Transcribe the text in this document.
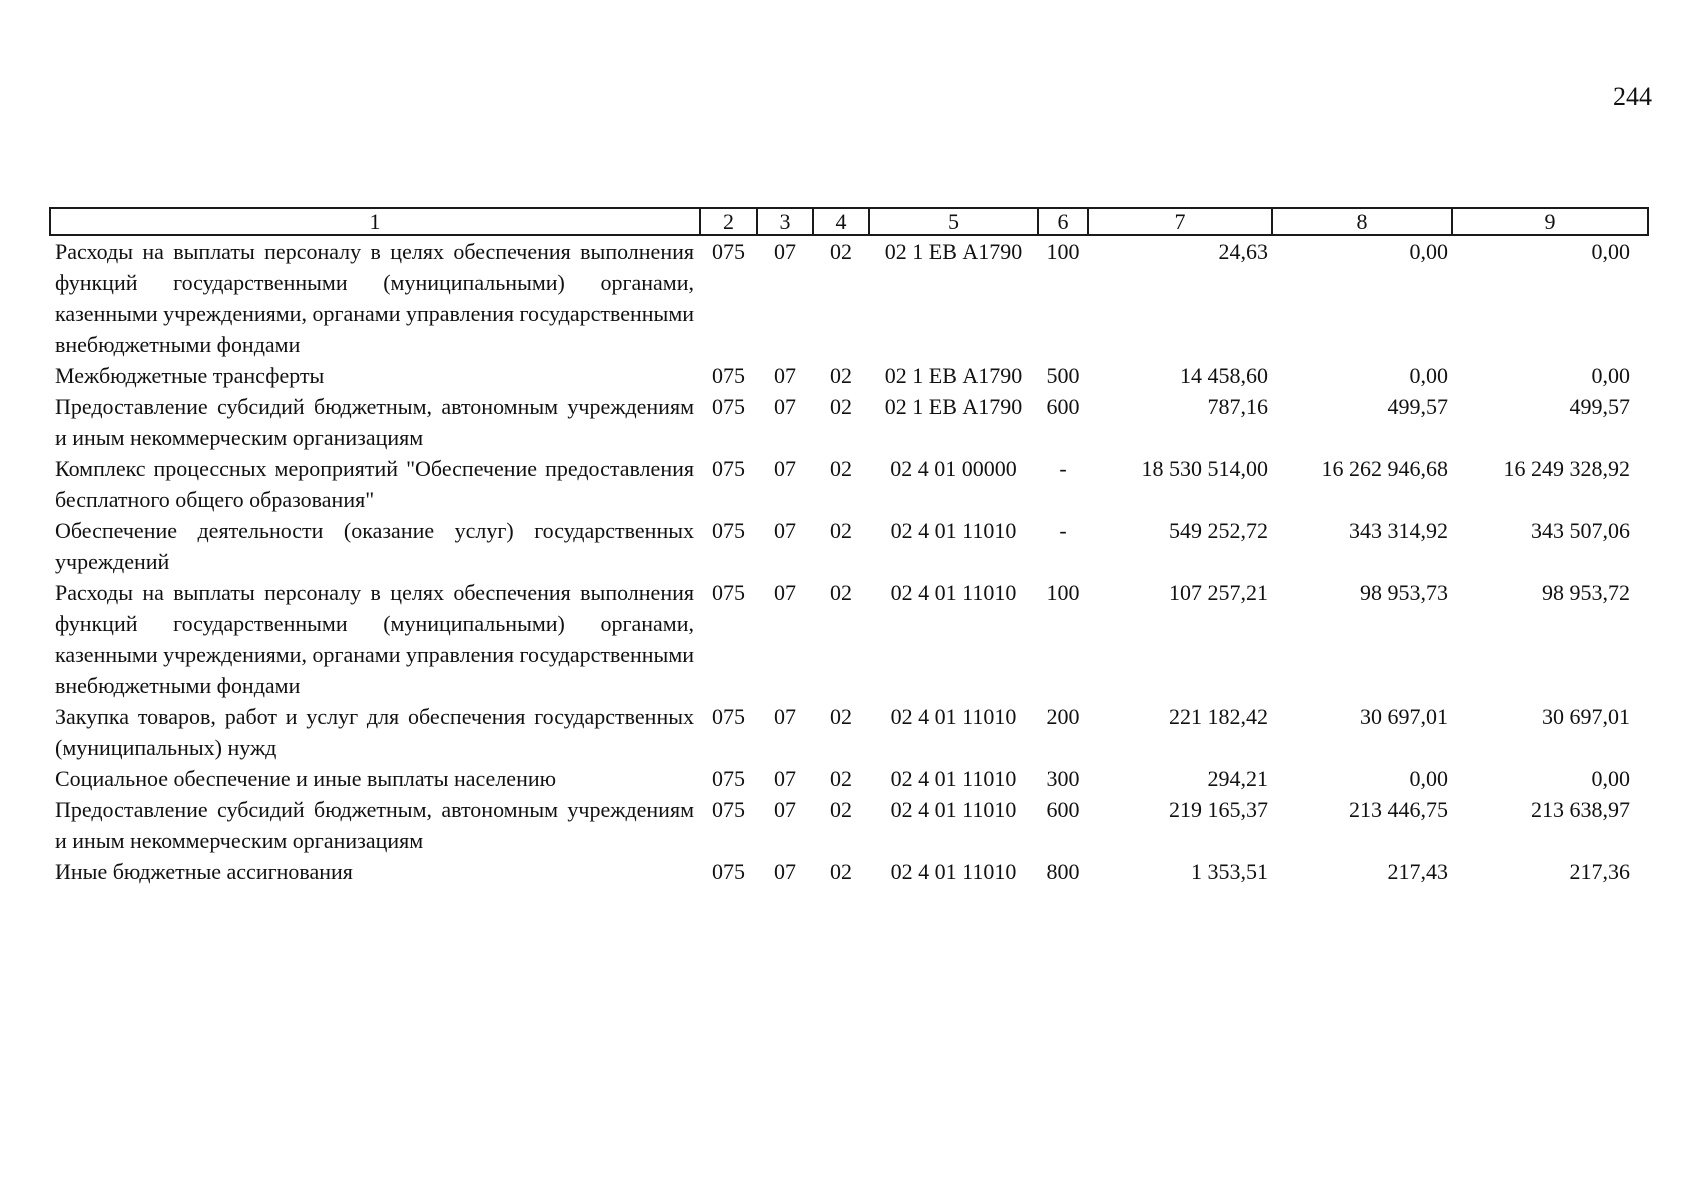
244
1	2	3	4	5	6	7	8	9
Расходы на выплаты персоналу в целях обеспечения выполнения функций государственными (муниципальными) органами, казенными учреждениями, органами управления государственными внебюджетными фондами	075	07	02	02 1 ЕВ А1790	100	24,63	0,00	0,00
Межбюджетные трансферты	075	07	02	02 1 ЕВ А1790	500	14 458,60	0,00	0,00
Предоставление субсидий бюджетным, автономным учреждениям и иным некоммерческим организациям	075	07	02	02 1 ЕВ А1790	600	787,16	499,57	499,57
Комплекс процессных мероприятий "Обеспечение предоставления бесплатного общего образования"	075	07	02	02 4 01 00000	-	18 530 514,00	16 262 946,68	16 249 328,92
Обеспечение деятельности (оказание услуг) государственных учреждений	075	07	02	02 4 01 11010	-	549 252,72	343 314,92	343 507,06
Расходы на выплаты персоналу в целях обеспечения выполнения функций государственными (муниципальными) органами, казенными учреждениями, органами управления государственными внебюджетными фондами	075	07	02	02 4 01 11010	100	107 257,21	98 953,73	98 953,72
Закупка товаров, работ и услуг для обеспечения государственных (муниципальных) нужд	075	07	02	02 4 01 11010	200	221 182,42	30 697,01	30 697,01
Социальное обеспечение и иные выплаты населению	075	07	02	02 4 01 11010	300	294,21	0,00	0,00
Предоставление субсидий бюджетным, автономным учреждениям и иным некоммерческим организациям	075	07	02	02 4 01 11010	600	219 165,37	213 446,75	213 638,97
Иные бюджетные ассигнования	075	07	02	02 4 01 11010	800	1 353,51	217,43	217,36
